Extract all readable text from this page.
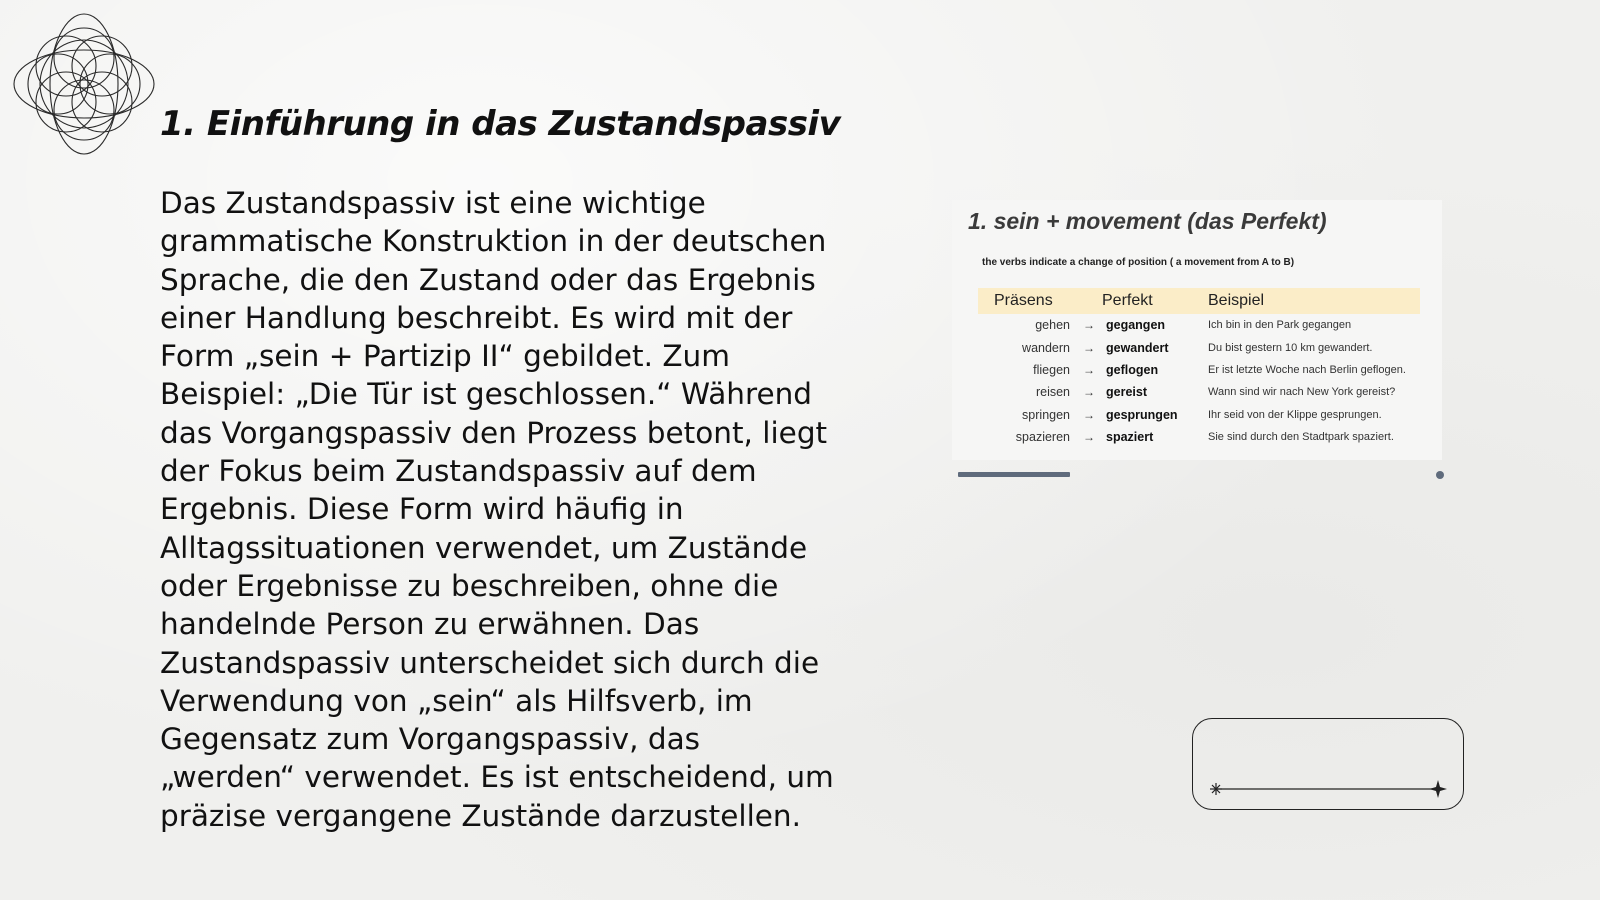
1. Einführung in das Zustandspassiv

Das Zustandspassiv ist eine wichtige grammatische Konstruktion in der deutschen Sprache, die den Zustand oder das Ergebnis einer Handlung beschreibt. Es wird mit der Form „sein + Partizip II“ gebildet. Zum Beispiel: „Die Tür ist geschlossen.“ Während das Vorgangspassiv den Prozess betont, liegt der Fokus beim Zustandspassiv auf dem Ergebnis. Diese Form wird häufig in Alltagssituationen verwendet, um Zustände oder Ergebnisse zu beschreiben, ohne die handelnde Person zu erwähnen. Das Zustandspassiv unterscheidet sich durch die Verwendung von „sein“ als Hilfsverb, im Gegensatz zum Vorgangspassiv, das „werden“ verwendet. Es ist entscheidend, um präzise vergangene Zustände darzustellen.

1. sein + movement (das Perfekt)

the verbs indicate a change of position ( a movement from A to B)

Präsens		Perfekt	Beispiel
gehen	→	gegangen	Ich bin in den Park gegangen
wandern	→	gewandert	Du bist gestern 10 km gewandert.
fliegen	→	geflogen	Er ist letzte Woche nach Berlin geflogen.
reisen	→	gereist	Wann sind wir nach New York gereist?
springen	→	gesprungen	Ihr seid von der Klippe gesprungen.
spazieren	→	spaziert	Sie sind durch den Stadtpark spaziert.
